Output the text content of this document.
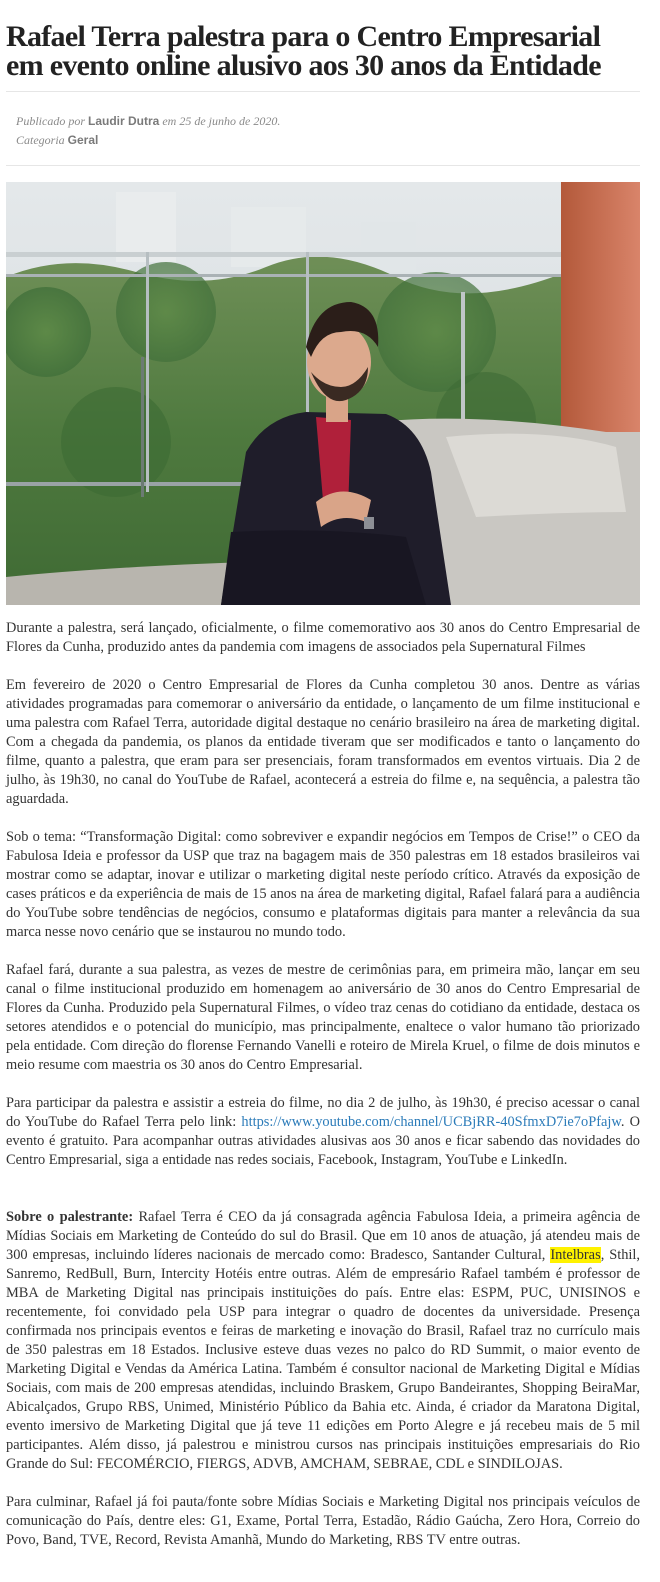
Rafael Terra palestra para o Centro Empresarial em evento online alusivo aos 30 anos da Entidade
Publicado por Laudir Dutra em 25 de junho de 2020.
Categoria Geral

Durante a palestra, será lançado, oficialmente, o filme comemorativo aos 30 anos do Centro Empresarial de Flores da Cunha, produzido antes da pandemia com imagens de associados pela Supernatural Filmes

Em fevereiro de 2020 o Centro Empresarial de Flores da Cunha completou 30 anos. Dentre as várias atividades programadas para comemorar o aniversário da entidade, o lançamento de um filme institucional e uma palestra com Rafael Terra, autoridade digital destaque no cenário brasileiro na área de marketing digital. Com a chegada da pandemia, os planos da entidade tiveram que ser modificados e tanto o lançamento do filme, quanto a palestra, que eram para ser presenciais, foram transformados em eventos virtuais. Dia 2 de julho, às 19h30, no canal do YouTube de Rafael, acontecerá a estreia do filme e, na sequência, a palestra tão aguardada.

Sob o tema: “Transformação Digital: como sobreviver e expandir negócios em Tempos de Crise!” o CEO da Fabulosa Ideia e professor da USP que traz na bagagem mais de 350 palestras em 18 estados brasileiros vai mostrar como se adaptar, inovar e utilizar o marketing digital neste período crítico. Através da exposição de cases práticos e da experiência de mais de 15 anos na área de marketing digital, Rafael falará para a audiência do YouTube sobre tendências de negócios, consumo e plataformas digitais para manter a relevância da sua marca nesse novo cenário que se instaurou no mundo todo.

Rafael fará, durante a sua palestra, as vezes de mestre de cerimônias para, em primeira mão, lançar em seu canal o filme institucional produzido em homenagem ao aniversário de 30 anos do Centro Empresarial de Flores da Cunha. Produzido pela Supernatural Filmes, o vídeo traz cenas do cotidiano da entidade, destaca os setores atendidos e o potencial do município, mas principalmente, enaltece o valor humano tão priorizado pela entidade. Com direção do florense Fernando Vanelli e roteiro de Mirela Kruel, o filme de dois minutos e meio resume com maestria os 30 anos do Centro Empresarial.

Para participar da palestra e assistir a estreia do filme, no dia 2 de julho, às 19h30, é preciso acessar o canal do YouTube do Rafael Terra pelo link: https://www.youtube.com/channel/UCBjRR-40SfmxD7ie7oPfajw. O evento é gratuito. Para acompanhar outras atividades alusivas aos 30 anos e ficar sabendo das novidades do Centro Empresarial, siga a entidade nas redes sociais, Facebook, Instagram, YouTube e LinkedIn.

Sobre o palestrante: Rafael Terra é CEO da já consagrada agência Fabulosa Ideia, a primeira agência de Mídias Sociais em Marketing de Conteúdo do sul do Brasil. Que em 10 anos de atuação, já atendeu mais de 300 empresas, incluindo líderes nacionais de mercado como: Bradesco, Santander Cultural, Intelbras, Sthil, Sanremo, RedBull, Burn, Intercity Hotéis entre outras. Além de empresário Rafael também é professor de MBA de Marketing Digital nas principais instituições do país. Entre elas: ESPM, PUC, UNISINOS e recentemente, foi convidado pela USP para integrar o quadro de docentes da universidade. Presença confirmada nos principais eventos e feiras de marketing e inovação do Brasil, Rafael traz no currículo mais de 350 palestras em 18 Estados. Inclusive esteve duas vezes no palco do RD Summit, o maior evento de Marketing Digital e Vendas da América Latina. Também é consultor nacional de Marketing Digital e Mídias Sociais, com mais de 200 empresas atendidas, incluindo Braskem, Grupo Bandeirantes, Shopping BeiraMar, Abicalçados, Grupo RBS, Unimed, Ministério Público da Bahia etc. Ainda, é criador da Maratona Digital, evento imersivo de Marketing Digital que já teve 11 edições em Porto Alegre e já recebeu mais de 5 mil participantes. Além disso, já palestrou e ministrou cursos nas principais instituições empresariais do Rio Grande do Sul: FECOMÉRCIO, FIERGS, ADVB, AMCHAM, SEBRAE, CDL e SINDILOJAS.

Para culminar, Rafael já foi pauta/fonte sobre Mídias Sociais e Marketing Digital nos principais veículos de comunicação do País, dentre eles: G1, Exame, Portal Terra, Estadão, Rádio Gaúcha, Zero Hora, Correio do Povo, Band, TVE, Record, Revista Amanhã, Mundo do Marketing, RBS TV entre outras.
